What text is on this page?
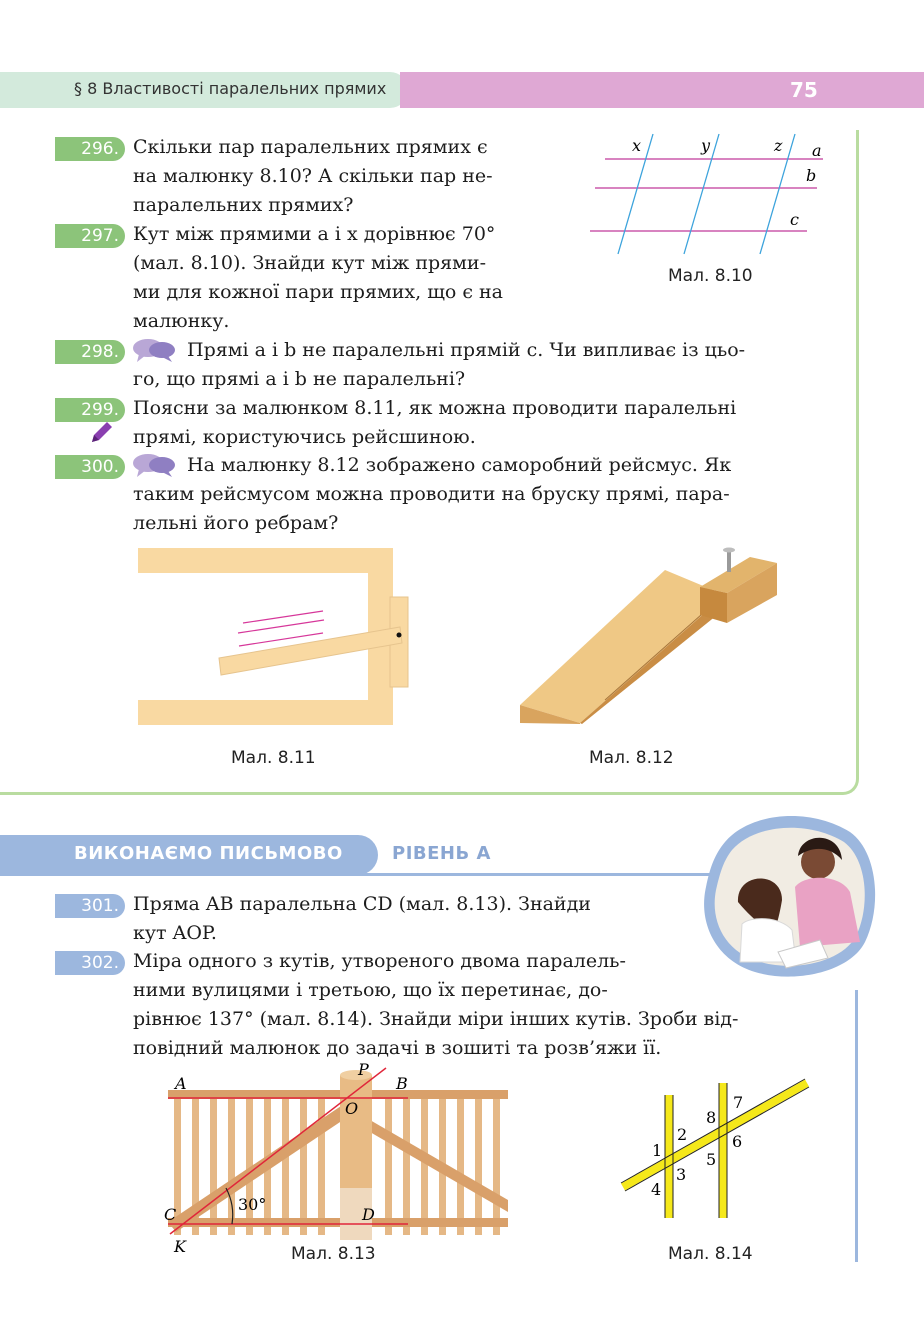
§ 8 Властивості паралельних прямих	75
296. Скільки пар паралельних прямих є
на малюнку 8.10? А скільки пар не-
паралельних прямих?
297. Кут між прямими a і x дорівнює 70°
(мал. 8.10). Знайди кут між прями-
ми для кожної пари прямих, що є на
малюнку.
x	y	z a
b
c
Мал. 8.10
298.	Прямі a і b не паралельні прямій c. Чи випливає із цьо-
го, що прямі a і b не паралельні?
299. Поясни за малюнком 8.11, як можна проводити паралельні
прямі, користуючись рейсшиною.
300.	На малюнку 8.12 зображено саморобний рейсмус. Як
таким рейсмусом можна проводити на бруску прямі, пара-
лельні його ребрам?
Мал. 8.11	Мал. 8.12
ВИКОНАЄМО ПИСЬМОВО	РІВЕНЬ А
301. Пряма AB паралельна CD (мал. 8.13). Знайди
кут AOP.
302. Міра одного з кутів, утвореного двома паралель-
ними вулицями і третьою, що їх перетинає, до-
рівнює 137° (мал. 8.14). Знайди міри інших кутів. Зроби від-
повідний малюнок до задачі в зошиті та розв’яжи її.
A
P
B
O
C	D
K
30°
Мал. 8.13
1
2
3
4
5
6
7
8
Мал. 8.14
